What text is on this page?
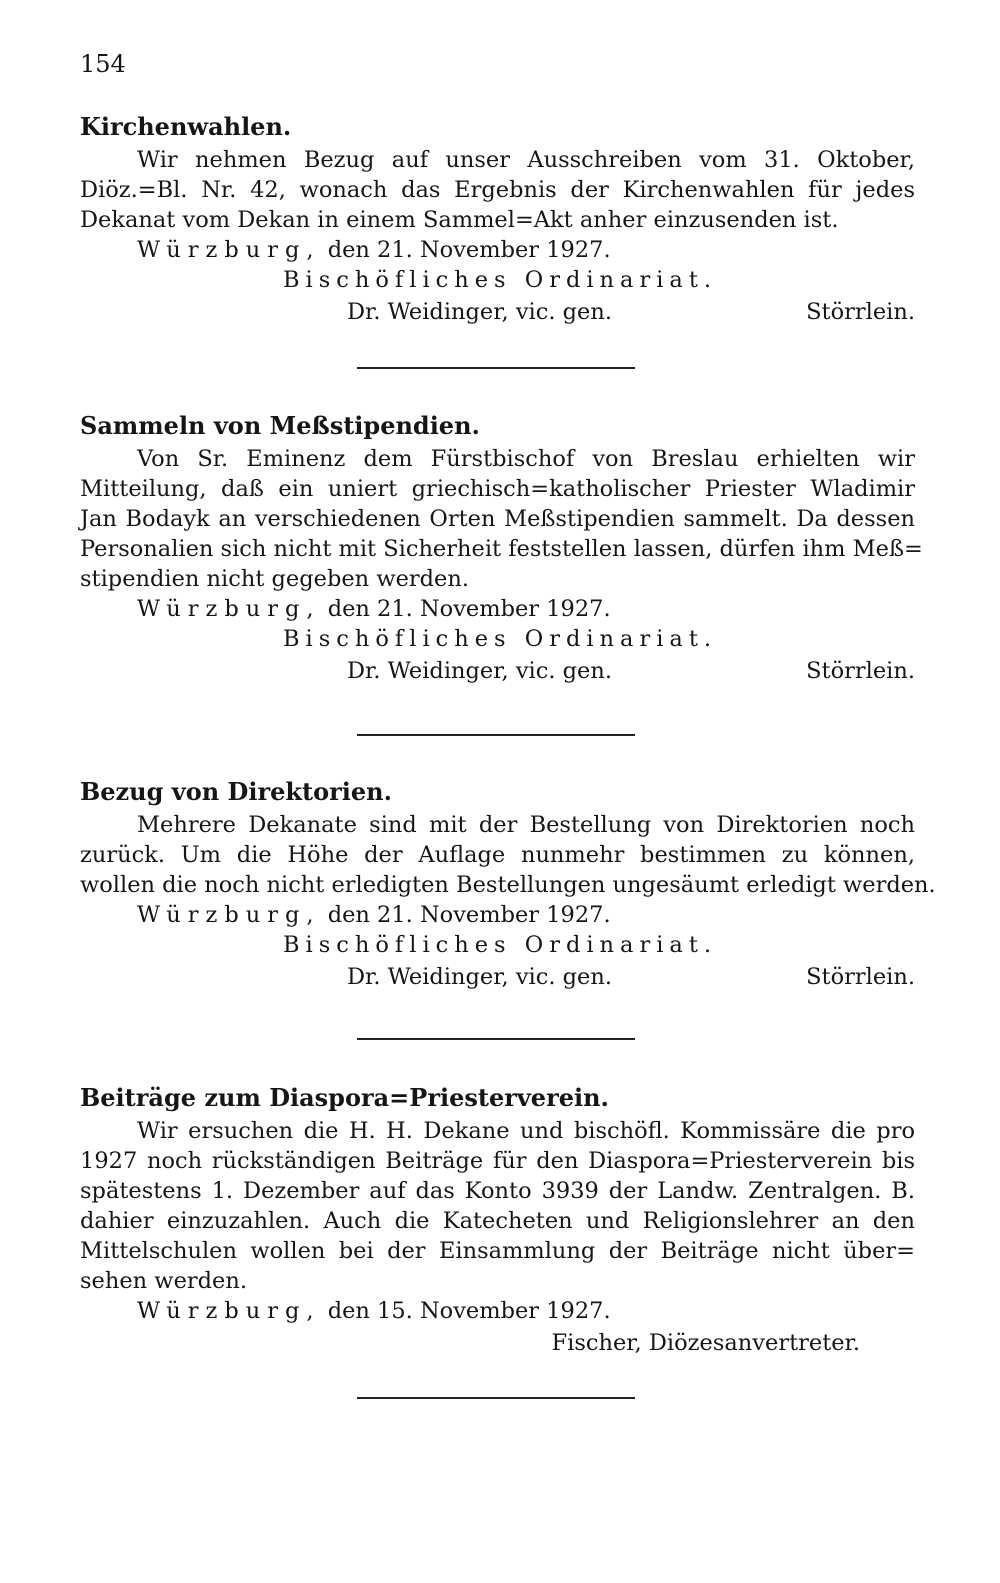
154
Kirchenwahlen.
Wir nehmen Bezug auf unser Ausschreiben vom 31. Oktober,
Diöz.=Bl. Nr. 42, wonach das Ergebnis der Kirchenwahlen für jedes
Dekanat vom Dekan in einem Sammel=Akt anher einzusenden ist.
Würzburg, den 21. November 1927.
Bischöfliches Ordinariat.
Dr. Weidinger, vic. gen.	Störrlein.
Sammeln von Meßstipendien.
Von Sr. Eminenz dem Fürstbischof von Breslau erhielten wir
Mitteilung, daß ein uniert griechisch=katholischer Priester Wladimir
Jan Bodayk an verschiedenen Orten Meßstipendien sammelt. Da dessen
Personalien sich nicht mit Sicherheit feststellen lassen, dürfen ihm Meß=
stipendien nicht gegeben werden.
Würzburg, den 21. November 1927.
Bischöfliches Ordinariat.
Dr. Weidinger, vic. gen.	Störrlein.
Bezug von Direktorien.
Mehrere Dekanate sind mit der Bestellung von Direktorien noch
zurück. Um die Höhe der Auflage nunmehr bestimmen zu können,
wollen die noch nicht erledigten Bestellungen ungesäumt erledigt werden.
Würzburg, den 21. November 1927.
Bischöfliches Ordinariat.
Dr. Weidinger, vic. gen.	Störrlein.
Beiträge zum Diaspora=Priesterverein.
Wir ersuchen die H. H. Dekane und bischöfl. Kommissäre die pro
1927 noch rückständigen Beiträge für den Diaspora=Priesterverein bis
spätestens 1. Dezember auf das Konto 3939 der Landw. Zentralgen. B.
dahier einzuzahlen. Auch die Katecheten und Religionslehrer an den
Mittelschulen wollen bei der Einsammlung der Beiträge nicht über=
sehen werden.
Würzburg, den 15. November 1927.
Fischer, Diözesanvertreter.
